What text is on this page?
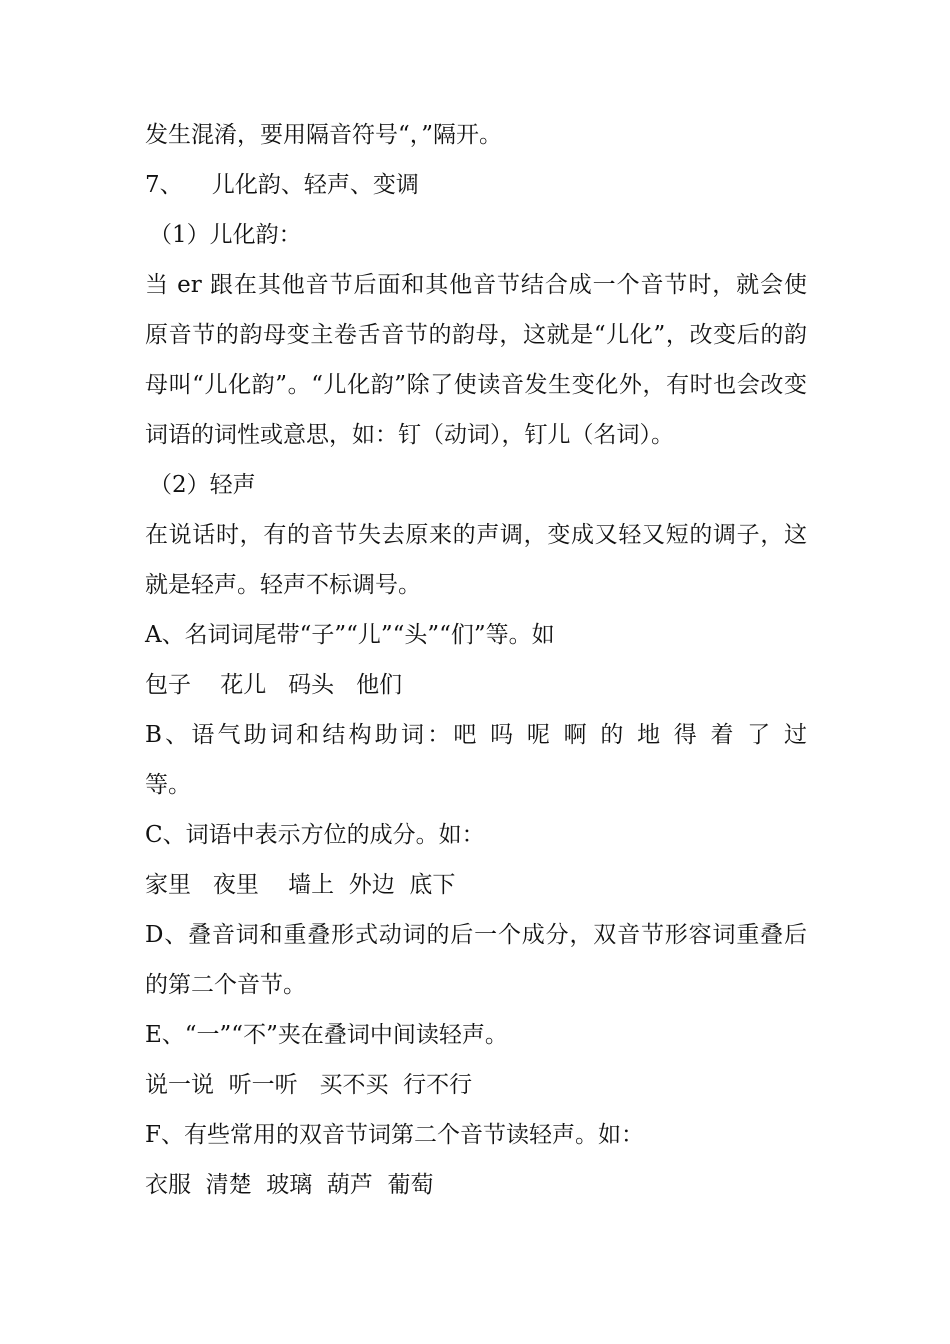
发生混淆，要用隔音符号“，”隔开。

7、    儿化韵、轻声、变调

（1）儿化韵：

当 er 跟在其他音节后面和其他音节结合成一个音节时，就会使

原音节的韵母变主卷舌音节的韵母，这就是“儿化”，改变后的韵

母叫“儿化韵”。“儿化韵”除了使读音发生变化外，有时也会改变

词语的词性或意思，如：钉（动词），钉儿（名词）。

（2）轻声

在说话时，有的音节失去原来的声调，变成又轻又短的调子，这

就是轻声。轻声不标调号。

A、名词词尾带“子”“儿”“头”“们”等。如

包子    花儿   码头   他们

B、语气助词和结构助词：吧 吗 呢 啊 的 地 得 着 了 过

等。

C、词语中表示方位的成分。如：

家里   夜里    墙上  外边  底下

D、叠音词和重叠形式动词的后一个成分，双音节形容词重叠后

的第二个音节。

E、“一”“不”夹在叠词中间读轻声。

说一说  听一听   买不买  行不行

F、有些常用的双音节词第二个音节读轻声。如：

衣服  清楚  玻璃  葫芦  葡萄
